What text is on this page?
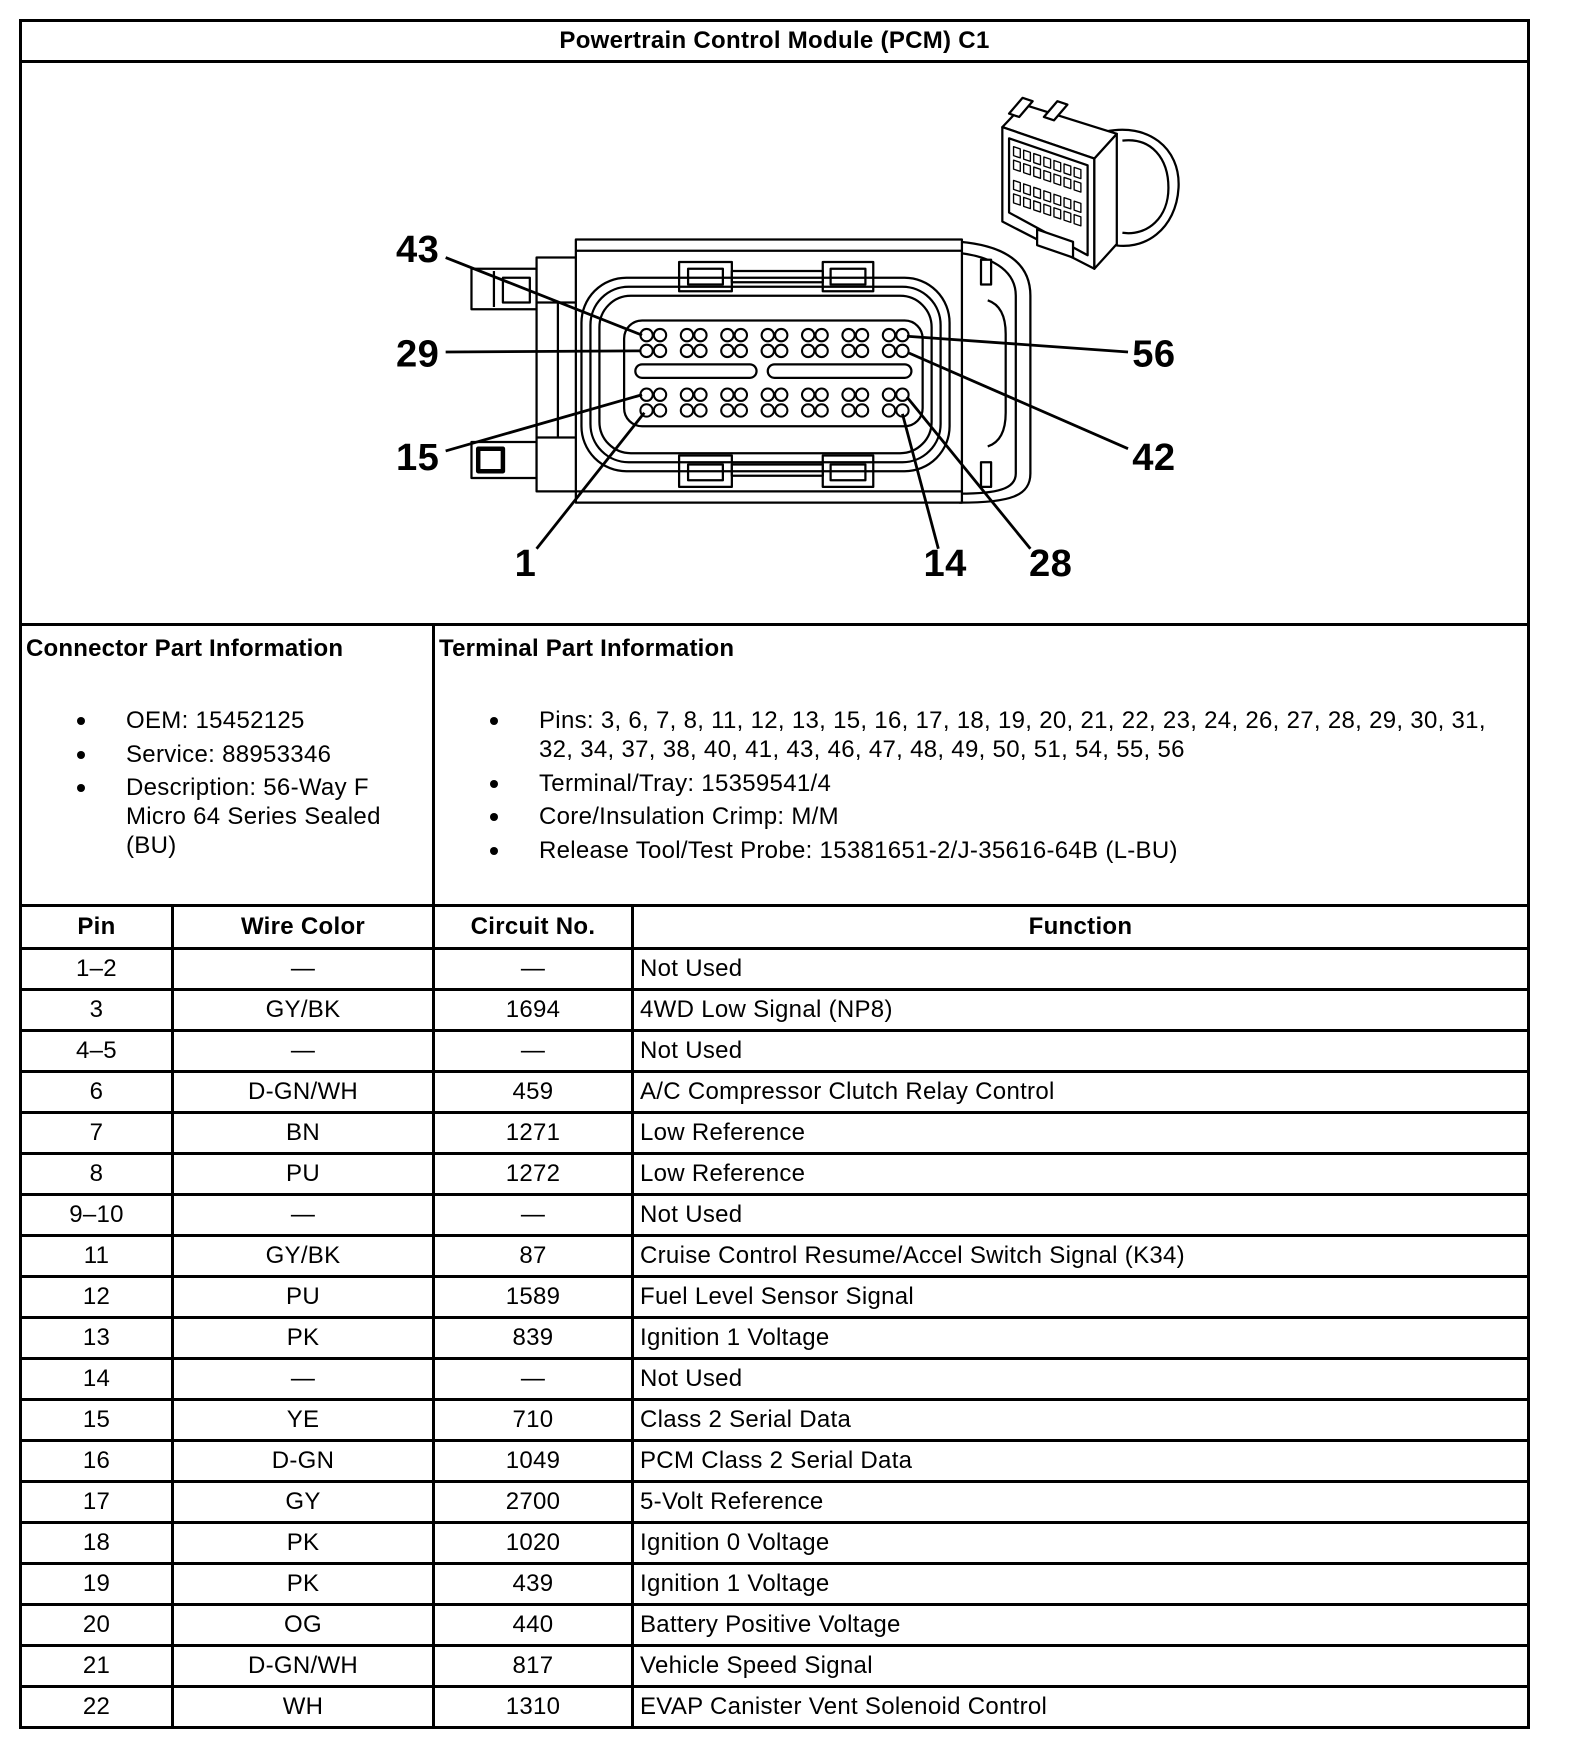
Powertrain Control Module (PCM) C1
43
29
15
1	14 28
56
42
Connector Part Information
OEM: 15452125
Service: 88953346
Description: 56-Way F Micro 64 Series Sealed (BU)
Terminal Part Information
Pins: 3, 6, 7, 8, 11, 12, 13, 15, 16, 17, 18, 19, 20, 21, 22, 23, 24, 26, 27, 28, 29, 30, 31, 32, 34, 37, 38, 40, 41, 43, 46, 47, 48, 49, 50, 51, 54, 55, 56
Terminal/Tray: 15359541/4
Core/Insulation Crimp: M/M
Release Tool/Test Probe: 15381651-2/J-35616-64B (L-BU)
Pin	Wire Color	Circuit No.	Function
1–2	—	—	Not Used
3	GY/BK	1694	4WD Low Signal (NP8)
4–5	—	—	Not Used
6	D-GN/WH	459	A/C Compressor Clutch Relay Control
7	BN	1271	Low Reference
8	PU	1272	Low Reference
9–10	—	—	Not Used
11	GY/BK	87	Cruise Control Resume/Accel Switch Signal (K34)
12	PU	1589	Fuel Level Sensor Signal
13	PK	839	Ignition 1 Voltage
14	—	—	Not Used
15	YE	710	Class 2 Serial Data
16	D-GN	1049	PCM Class 2 Serial Data
17	GY	2700	5-Volt Reference
18	PK	1020	Ignition 0 Voltage
19	PK	439	Ignition 1 Voltage
20	OG	440	Battery Positive Voltage
21	D-GN/WH	817	Vehicle Speed Signal
22	WH	1310	EVAP Canister Vent Solenoid Control
